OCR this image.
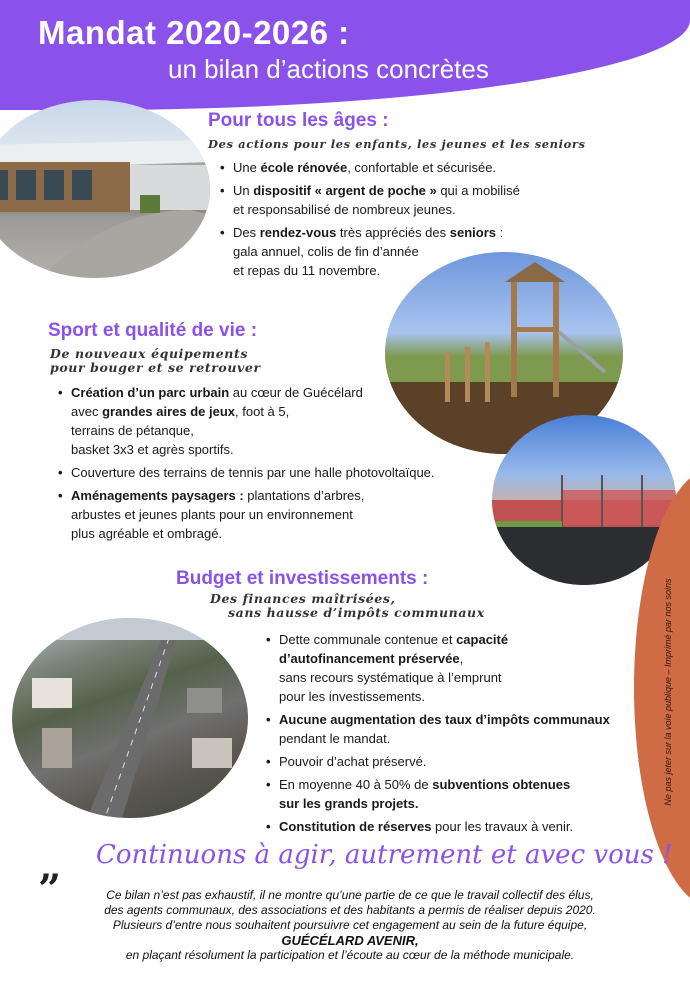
Mandat 2020-2026 :
un bilan d’actions concrètes
Ne pas jeter sur la voie publique – Imprimé par nos soins
Pour tous les âges :
Des actions pour les enfants, les jeunes et les seniors
• Une école rénovée, confortable et sécurisée.
• Un dispositif « argent de poche » qui a mobilisé
et responsabilisé de nombreux jeunes.
• Des rendez-vous très appréciés des seniors :
gala annuel, colis de fin d’année
et repas du 11 novembre.
Sport et qualité de vie :
De nouveaux équipements
pour bouger et se retrouver
• Création d’un parc urbain au cœur de Guécélard
avec grandes aires de jeux, foot à 5,
terrains de pétanque,
basket 3x3 et agrès sportifs.
• Couverture des terrains de tennis par une halle photovoltaïque.
• Aménagements paysagers : plantations d’arbres,
arbustes et jeunes plants pour un environnement
plus agréable et ombragé.
Budget et investissements :
Des finances maîtrisées,
sans hausse d’impôts communaux
• Dette communale contenue et capacité
d’autofinancement préservée,
sans recours systématique à l’emprunt
pour les investissements.
• Aucune augmentation des taux d’impôts communaux
pendant le mandat.
• Pouvoir d’achat préservé.
• En moyenne 40 à 50% de subventions obtenues
sur les grands projets.
• Constitution de réserves pour les travaux à venir.
Continuons à agir, autrement et avec vous !
”	Ce bilan n’est pas exhaustif, il ne montre qu’une partie de ce que le travail collectif des élus,
des agents communaux, des associations et des habitants a permis de réaliser depuis 2020.
Plusieurs d’entre nous souhaitent poursuivre cet engagement au sein de la future équipe,
GUÉCÉLARD AVENIR,
en plaçant résolument la participation et l’écoute au cœur de la méthode municipale.
